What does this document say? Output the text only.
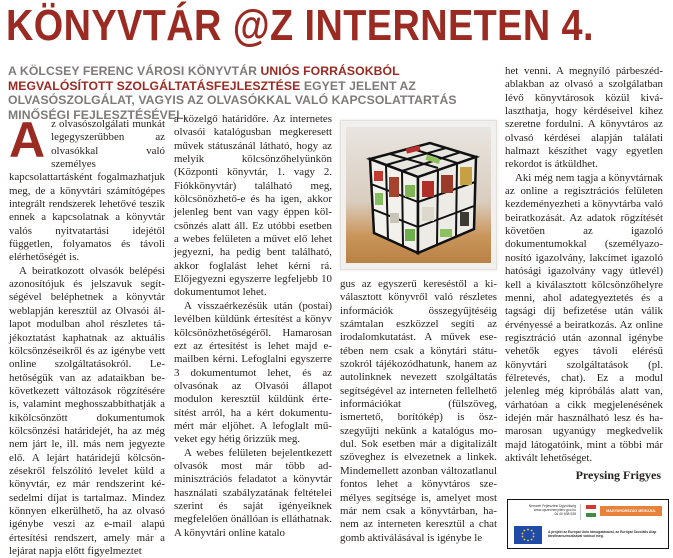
KÖNYVTÁR @Z INTERNETEN 4.

A KÖLCSEY FERENC VÁROSI KÖNYVTÁR UNIÓS FORRÁSOKBÓL MEGVALÓSÍTOTT SZOLGÁLTATÁSFEJLESZTÉSE EGYET JELENT AZ OLVASÓSZOLGÁLAT, VAGYIS AZ OLVASÓKKAL VALÓ KAPCSOLATTARTÁS MINŐSÉGI FEJLESZTÉSÉVEL.

A z olvasószolgálati munkát legegyszerűbben az olvasókkal való személyes kapcsolattartásként fogalmazhatjuk meg, de a könyvtári számítógépes integrált rendszerek lehetővé teszik ennek a kapcsolatnak a könyvtár valós nyitvatartási idejétől független, folyamatos és távoli elérhetőségét is.

A beiratkozott olvasók belépési azonosítójuk és jelszavuk segítségével beléphetnek a könyvtár weblapján keresztül az Olvasói állapot modulban ahol részletes tájékoztatást kaphatnak az aktuális kölcsönzéseikről és az igénybe vett online szolgáltatásokról. Lehetőségük van az adataikban bekövetkezett változások rögzítésére is, valamint meghosszabbíthatják a kikölcsönzött dokumentumok kölcsönzési határidejét, ha az még nem járt le, ill. más nem jegyezte elő. A lejárt határidejű kölcsönzésekről felszólító levelet küld a könyvtár, ez már rendszerint késedelmi díjat is tartalmaz. Mindez könnyen elkerülhető, ha az olvasó igénybe veszi az e-mail alapú értesítési rendszert, amely már a lejárat napja előtt figyelmeztet

a közelgő határidőre. Az internetes olvasói katalógusban megkeresett művek státuszánál látható, hogy az melyik kölcsönzőhelyünkön (Központi könyvtár, 1. vagy 2. Fiókkönyvtár) található meg, kölcsönözhető-e és ha igen, akkor jelenleg bent van vagy éppen kölcsönzés alatt áll. Ez utóbbi esetben a webes felületen a művet elő lehet jegyezni, ha pedig bent található, akkor foglalást lehet kérni rá. Előjegyezni egyszerre legfeljebb 10 dokumentumot lehet.

A visszaérkezésük után (postai) levélben küldünk értesítést a könyv kölcsönözhetőségéről. Hamarosan ezt az értesítést is lehet majd e-mailben kérni. Lefoglalni egyszerre 3 dokumentumot lehet, és az olvasónak az Olvasói állapot modulon keresztül küldünk értesítést arról, ha a kért dokumentumért már eljöhet. A lefoglalt műveket egy hétig őrizzük meg.

A webes felületen bejelentkezett olvasók most már több adminisztrációs feladatot a könyvtár használati szabályzatának feltételei szerint és saját igényeiknek megfelelően önállóan is elláthatnak. A könyvtári online katalo

gus az egyszerű kereséstől a kiválasztott könyvről való részletes információk összegyűjtéséig számtalan eszközzel segíti az irodalomkutatást. A művek esetében nem csak a könytári státuszokról tájékozódhatunk, hanem az autolinknek nevezett szolgáltatás segítségével az interneten fellelhető információkat (fülszöveg, ismertető, borítókép) is öszszegyűjti nekünk a katalógus modul. Sok esetben már a digitalizált szöveghez is elvezetnek a linkek. Mindemellett azonban változatlanul fontos lehet a könyvtáros személyes segítsége is, amelyet most már nem csak a könyvtárban, hanem az interneten keresztül a chat gomb aktiválásával is igénybe le

het venni. A megnyíló párbeszédablakban az olvasó a szolgálatban lévő könyvtárosok közül kiválaszthatja, hogy kérdéseivel kihez szeretne fordulni. A könyvtáros az olvasó kérdései alapján találati halmazt készíthet vagy egyetlen rekordot is átküldhet.

Aki még nem tagja a könyvtárnak az online a regisztrációs felületen kezdeményezheti a könyvtárba való beiratkozását. Az adatok rögzítését követően az igazoló dokumentumokkal (személyazonosító igazolvány, lakcímet igazoló hatósági igazolvány vagy útlevél) kell a kiválasztott kölcsönzőhelyre menni, ahol adategyeztetés és a tagsági díj befizetése után válik érvényessé a beiratkozás. Az online regisztráció után azonnal igénybe vehetők egyes távoli elérésű könyvtári szolgáltatások (pl. félretevés, chat). Ez a modul jelenleg még kipróbálás alatt van, várhatóan a cikk megjelenésének idején már használható lesz és hamarosan ugyanúgy megkedvelik majd látogatóink, mint a többi már aktivált lehetőséget.

Preysing Frigyes
Nemzeti Fejlesztési Ügynökség
www.ujszechenyiterv.gov.hu
06 40 638 638
MAGYARORSZÁG MEGÚJUL
A projekt az Európai Unió támogatásával, az Európai Szociális Alap társfinanszírozásával valósul meg.
